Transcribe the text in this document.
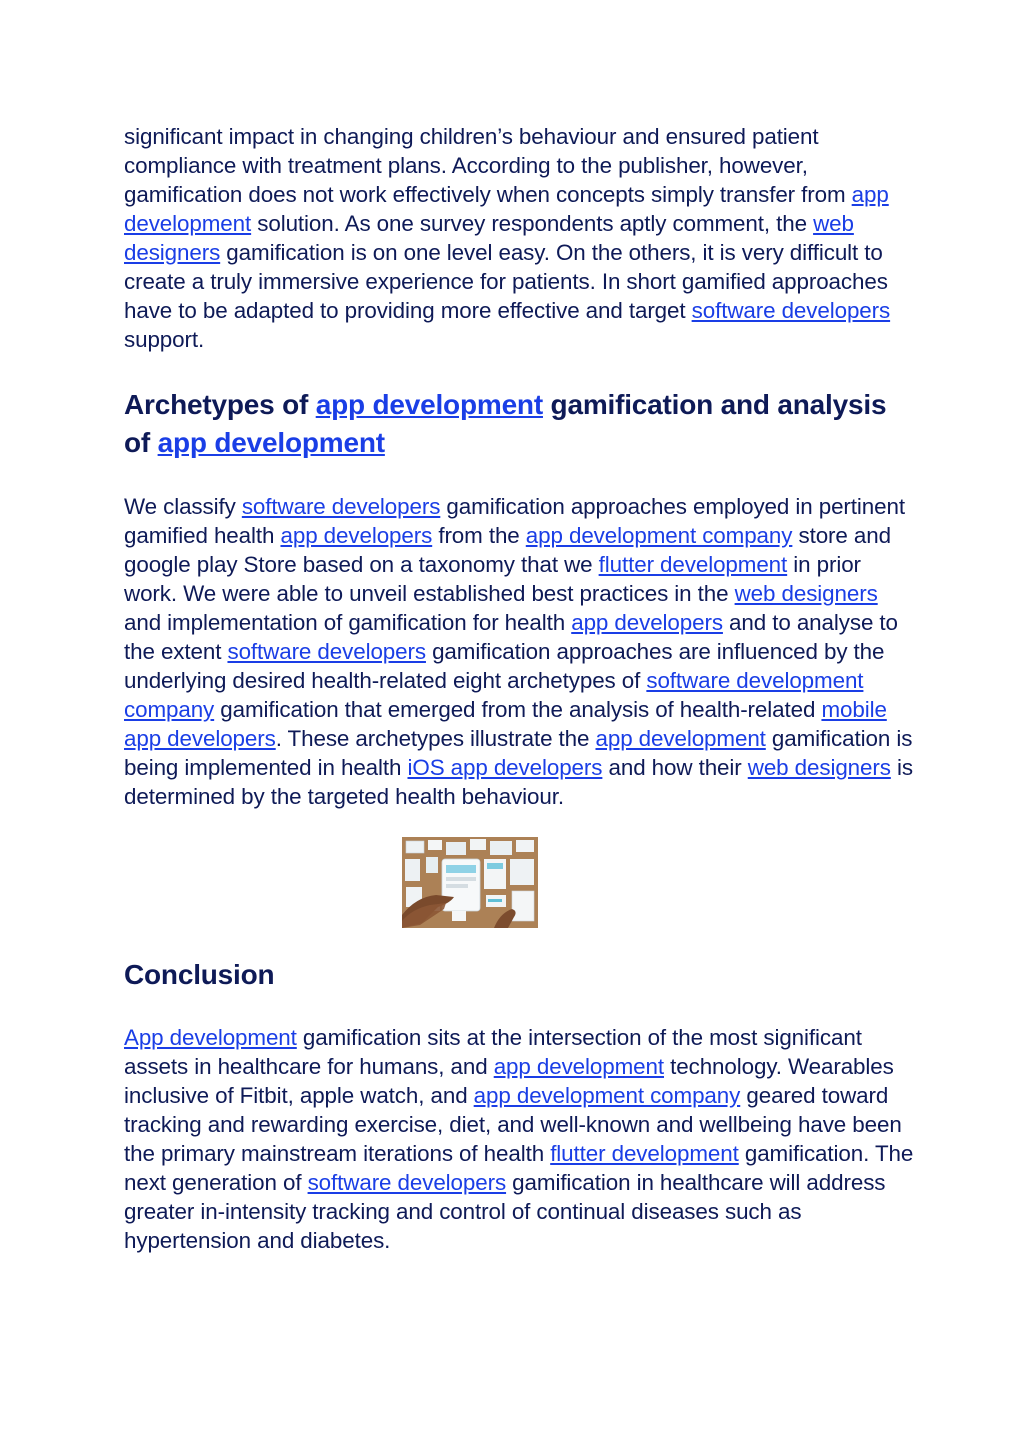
significant impact in changing children’s behaviour and ensured patient compliance with treatment plans. According to the publisher, however, gamification does not work effectively when concepts simply transfer from app development solution. As one survey respondents aptly comment, the web designers gamification is on one level easy. On the others, it is very difficult to create a truly immersive experience for patients. In short gamified approaches have to be adapted to providing more effective and target software developers support.

Archetypes of app development gamification and analysis of app development

We classify software developers gamification approaches employed in pertinent gamified health app developers from the app development company store and google play Store based on a taxonomy that we flutter development in prior work. We were able to unveil established best practices in the web designers and implementation of gamification for health app developers and to analyse to the extent software developers gamification approaches are influenced by the underlying desired health-related eight archetypes of software development company gamification that emerged from the analysis of health-related mobile app developers. These archetypes illustrate the app development gamification is being implemented in health iOS app developers and how their web designers is determined by the targeted health behaviour.

Conclusion

App development gamification sits at the intersection of the most significant assets in healthcare for humans, and app development technology. Wearables inclusive of Fitbit, apple watch, and app development company geared toward tracking and rewarding exercise, diet, and well-known and wellbeing have been the primary mainstream iterations of health flutter development gamification. The next generation of software developers gamification in healthcare will address greater in-intensity tracking and control of continual diseases such as hypertension and diabetes.
